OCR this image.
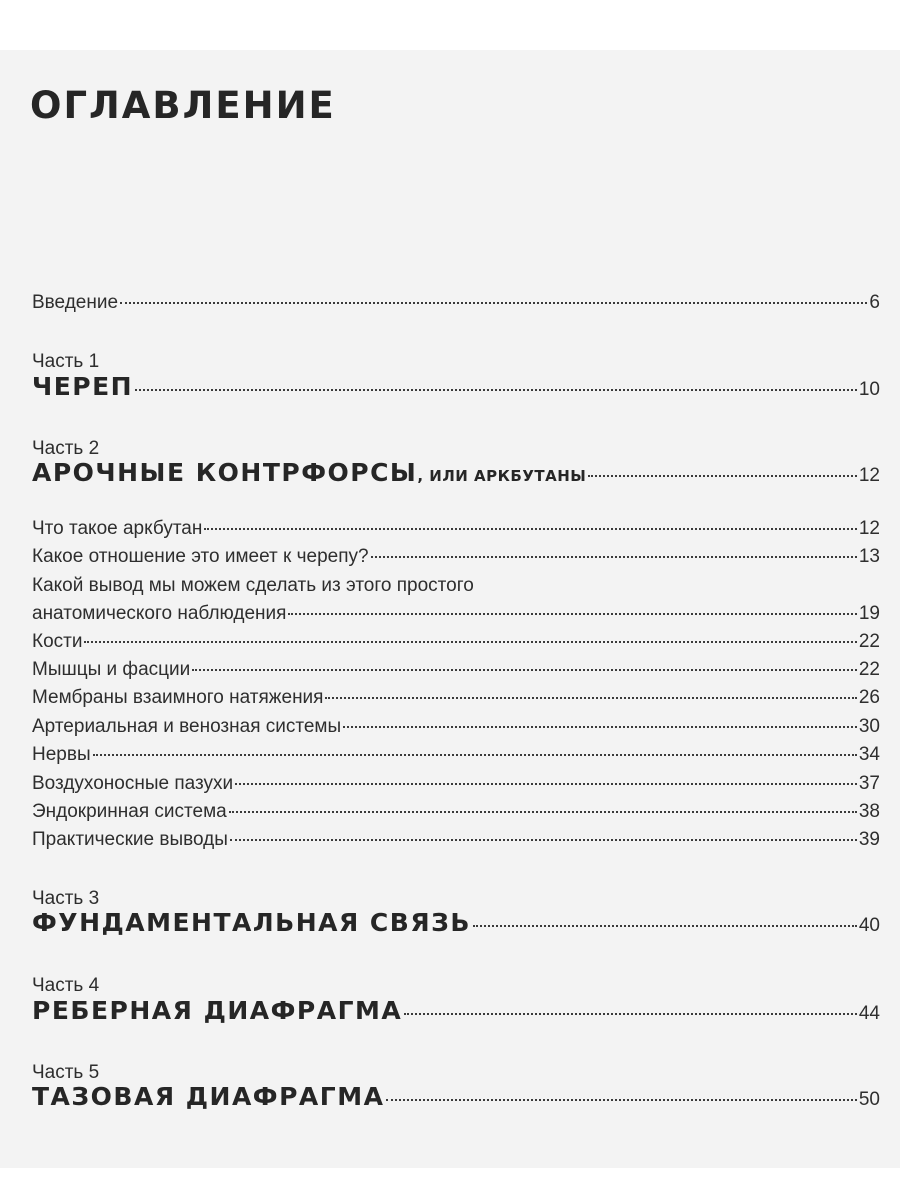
ОГЛАВЛЕНИЕ
Введение	6
Часть 1
ЧЕРЕП	10
Часть 2
АРОЧНЫЕ КОНТРФОРСЫ , ИЛИ АРКБУТАНЫ	12
Что такое аркбутан	12
Какое отношение это имеет к черепу?	13
Какой вывод мы можем сделать из этого простого
анатомического наблюдения	19
Кости	22
Мышцы и фасции	22
Мембраны взаимного натяжения	26
Артериальная и венозная системы	30
Нервы	34
Воздухоносные пазухи	37
Эндокринная система	38
Практические выводы	39
Часть 3
ФУНДАМЕНТАЛЬНАЯ СВЯЗЬ	40
Часть 4
РЕБЕРНАЯ ДИАФРАГМА	44
Часть 5
ТАЗОВАЯ ДИАФРАГМА	50
